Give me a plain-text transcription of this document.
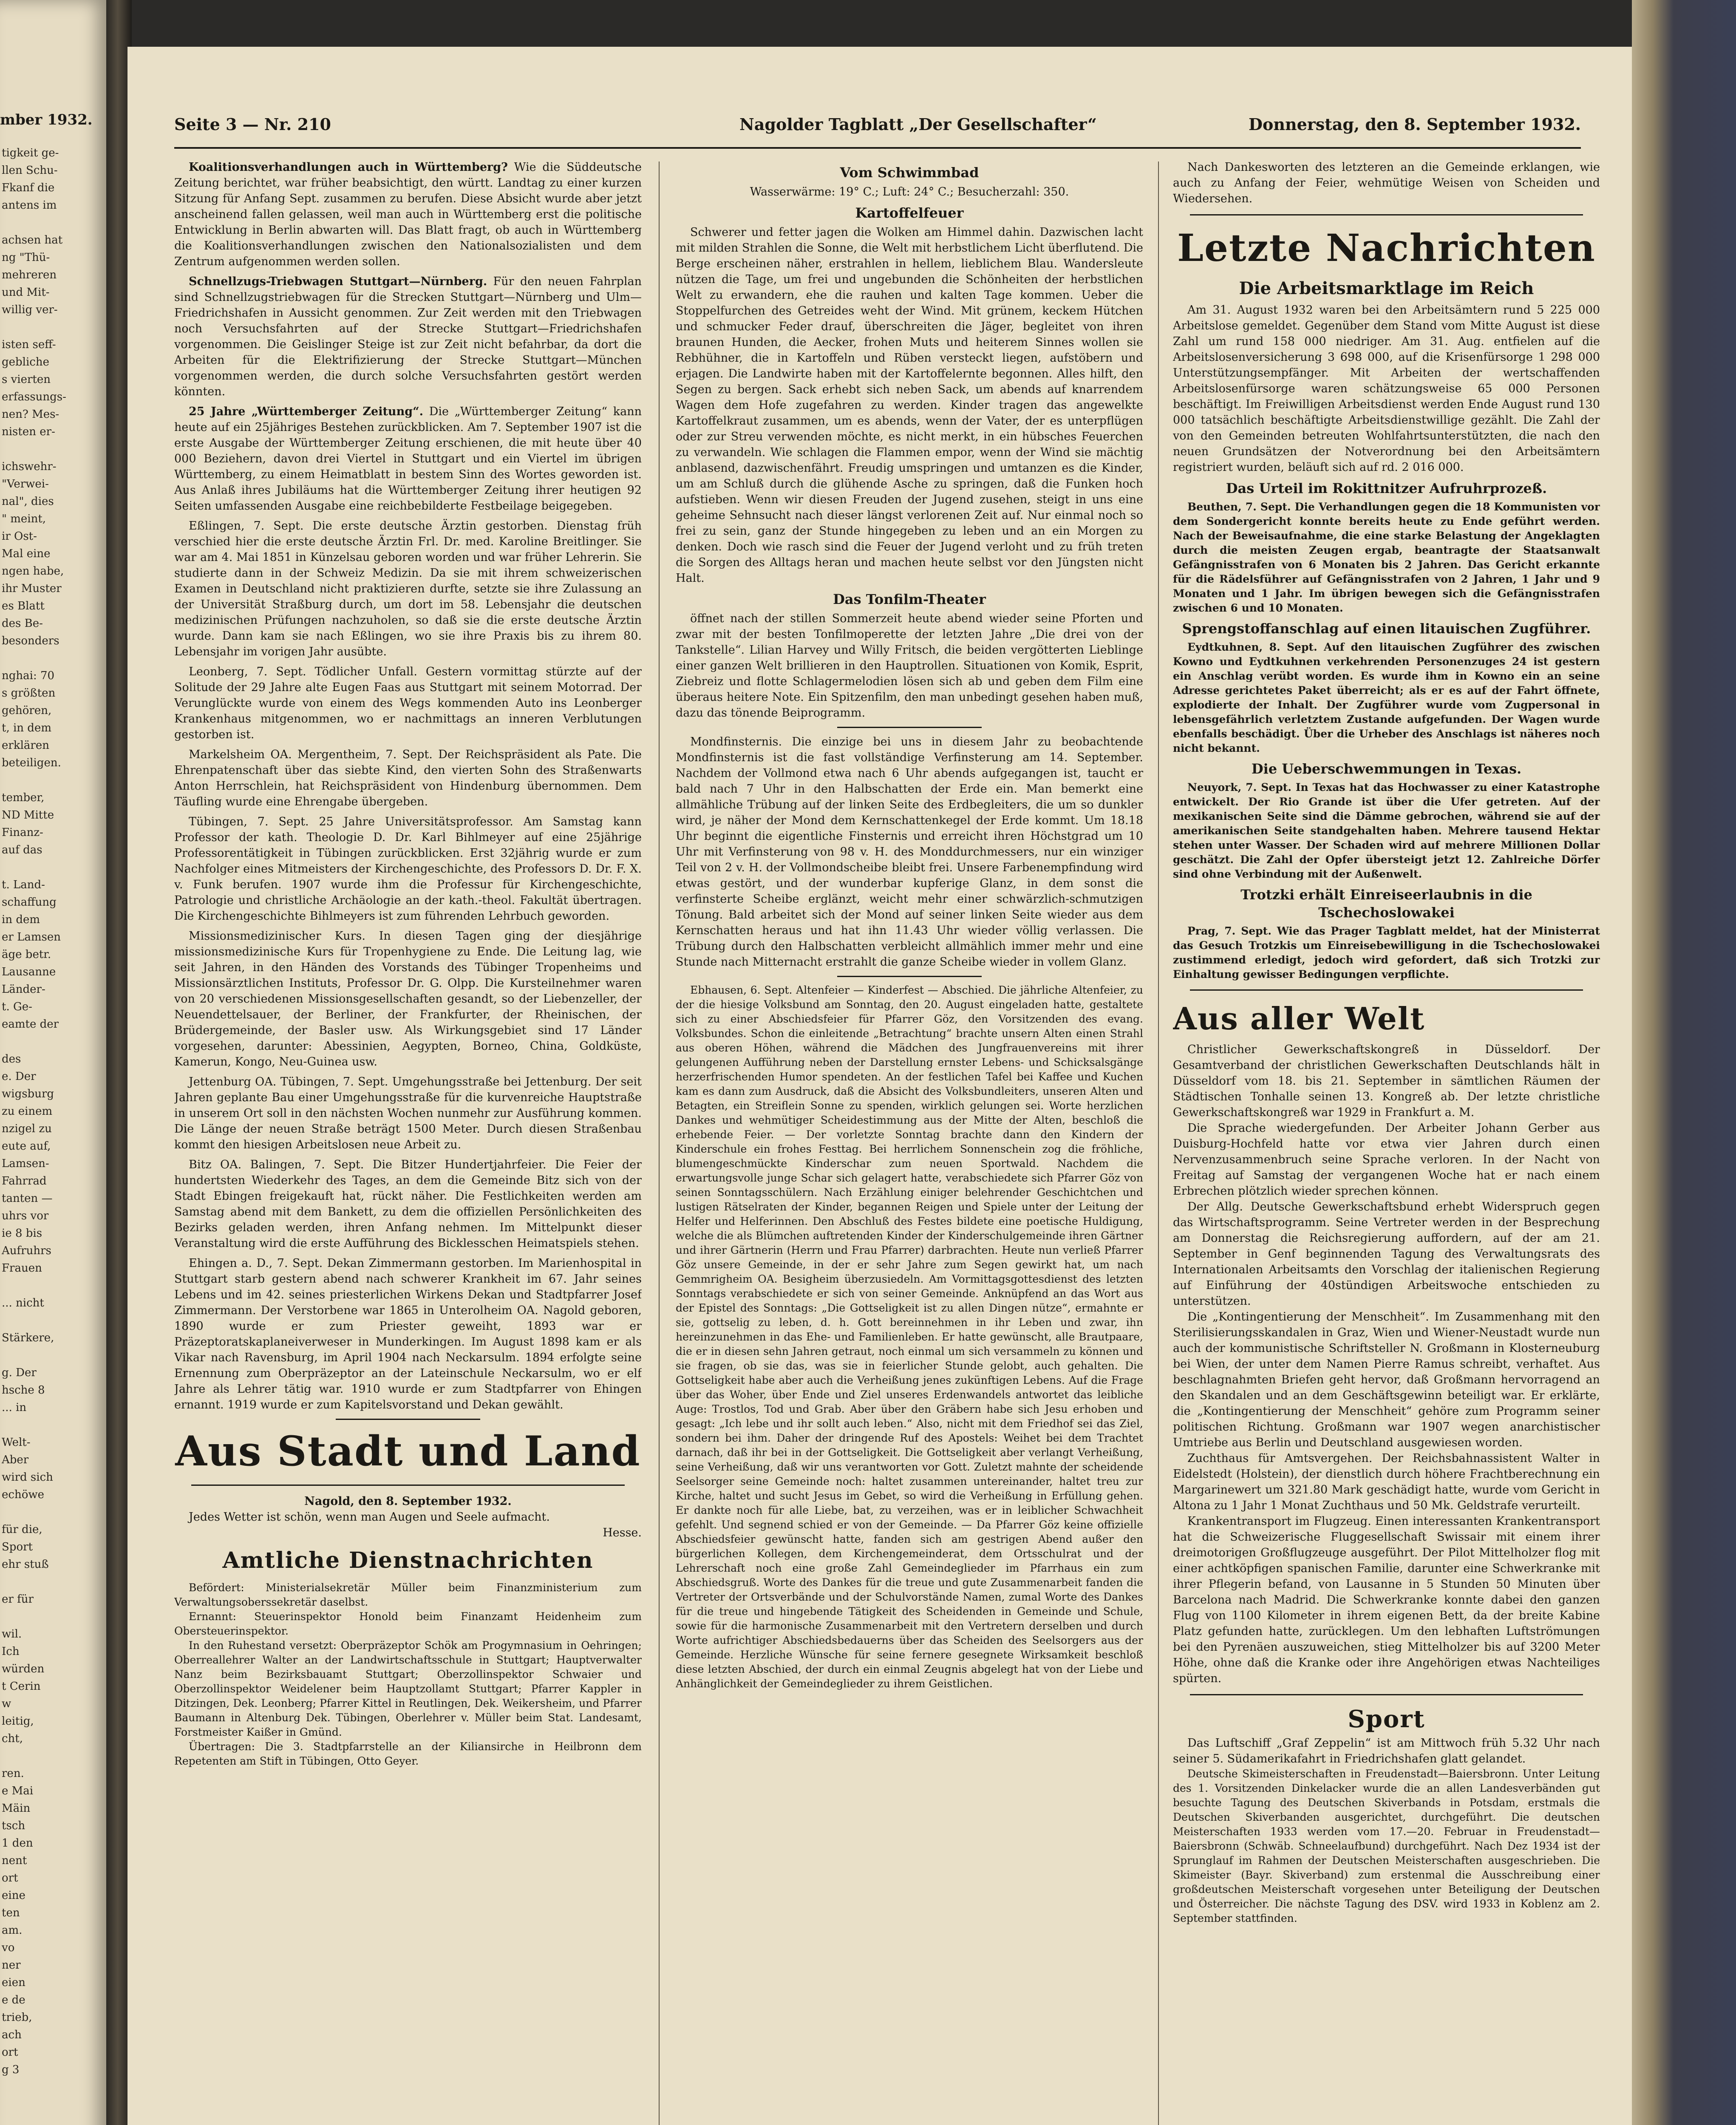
mber 1932.
tigkeit ge-
llen Schu-
Fkanf die
antens im
achsen hat
ng "Thü-
mehreren
und Mit-
willig ver-
isten seff-
gebliche
s vierten
erfassungs-
nen? Mes-
nisten er-
ichswehr-
"Verwei-
nal", dies
" meint,
ir Ost-
Mal eine
ngen habe,
ihr Muster
es Blatt
des Be-
besonders
nghai: 70
s größten
gehören,
t, in dem
erklären
beteiligen.
tember,
ND Mitte
Finanz-
auf das
t. Land-
schaffung
in dem
er Lamsen
äge betr.
Lausanne
Länder-
t. Ge-
eamte der
des
e. Der
wigsburg
zu einem
nzigel zu
eute auf,
Lamsen-
Fahrrad
tanten —
uhrs vor
ie 8 bis
Aufruhrs
Frauen
... nicht
Stärkere,
g. Der
hsche 8
... in
Welt-
Aber
wird sich
echöwe
für die,
Sport
ehr stuß
er für
wil.
Ich
würden
t Cerin
w
leitig,
cht,
ren.
e Mai
Mäin
tsch
1 den
nent
ort
eine
ten
am.
vo
ner
eien
e de
trieb,
ach
ort
g 3
Seite 3 — Nr. 210	Nagolder Tagblatt „Der Gesellschafter“	Donnerstag, den 8. September 1932.

Koalitionsverhandlungen auch in Württemberg? Wie die Süddeutsche Zeitung berichtet, war früher beabsichtigt, den württ. Landtag zu einer kurzen Sitzung für Anfang Sept. zusammen zu berufen. Diese Absicht wurde aber jetzt anscheinend fallen gelassen, weil man auch in Württemberg erst die politische Entwicklung in Berlin abwarten will. Das Blatt fragt, ob auch in Württemberg die Koalitionsverhandlungen zwischen den Nationalsozialisten und dem Zentrum aufgenommen werden sollen.

Schnellzugs-Triebwagen Stuttgart—Nürnberg. Für den neuen Fahrplan sind Schnellzugstriebwagen für die Strecken Stuttgart—Nürnberg und Ulm—Friedrichshafen in Aussicht genommen. Zur Zeit werden mit den Triebwagen noch Versuchsfahrten auf der Strecke Stuttgart—Friedrichshafen vorgenommen. Die Geislinger Steige ist zur Zeit nicht befahrbar, da dort die Arbeiten für die Elektrifizierung der Strecke Stuttgart—München vorgenommen werden, die durch solche Versuchsfahrten gestört werden könnten.

25 Jahre „Württemberger Zeitung“. Die „Württemberger Zeitung“ kann heute auf ein 25jähriges Bestehen zurückblicken. Am 7. September 1907 ist die erste Ausgabe der Württemberger Zeitung erschienen, die mit heute über 40 000 Beziehern, davon drei Viertel in Stuttgart und ein Viertel im übrigen Württemberg, zu einem Heimatblatt in bestem Sinn des Wortes geworden ist. Aus Anlaß ihres Jubiläums hat die Württemberger Zeitung ihrer heutigen 92 Seiten umfassenden Ausgabe eine reichbebilderte Festbeilage beigegeben.

Eßlingen, 7. Sept. Die erste deutsche Ärztin gestorben. Dienstag früh verschied hier die erste deutsche Ärztin Frl. Dr. med. Karoline Breitlinger. Sie war am 4. Mai 1851 in Künzelsau geboren worden und war früher Lehrerin. Sie studierte dann in der Schweiz Medizin. Da sie mit ihrem schweizerischen Examen in Deutschland nicht praktizieren durfte, setzte sie ihre Zulassung an der Universität Straßburg durch, um dort im 58. Lebensjahr die deutschen medizinischen Prüfungen nachzuholen, so daß sie die erste deutsche Ärztin wurde. Dann kam sie nach Eßlingen, wo sie ihre Praxis bis zu ihrem 80. Lebensjahr im vorigen Jahr ausübte.

Leonberg, 7. Sept. Tödlicher Unfall. Gestern vormittag stürzte auf der Solitude der 29 Jahre alte Eugen Faas aus Stuttgart mit seinem Motorrad. Der Verunglückte wurde von einem des Wegs kommenden Auto ins Leonberger Krankenhaus mitgenommen, wo er nachmittags an inneren Verblutungen gestorben ist.

Markelsheim OA. Mergentheim, 7. Sept. Der Reichspräsident als Pate. Die Ehrenpatenschaft über das siebte Kind, den vierten Sohn des Straßenwarts Anton Herrschlein, hat Reichspräsident von Hindenburg übernommen. Dem Täufling wurde eine Ehrengabe übergeben.

Tübingen, 7. Sept. 25 Jahre Universitätsprofessor. Am Samstag kann Professor der kath. Theologie D. Dr. Karl Bihlmeyer auf eine 25jährige Professorentätigkeit in Tübingen zurückblicken. Erst 32jährig wurde er zum Nachfolger eines Mitmeisters der Kirchengeschichte, des Professors D. Dr. F. X. v. Funk berufen. 1907 wurde ihm die Professur für Kirchengeschichte, Patrologie und christliche Archäologie an der kath.-theol. Fakultät übertragen. Die Kirchengeschichte Bihlmeyers ist zum führenden Lehrbuch geworden.

Missionsmedizinischer Kurs. In diesen Tagen ging der diesjährige missionsmedizinische Kurs für Tropenhygiene zu Ende. Die Leitung lag, wie seit Jahren, in den Händen des Vorstands des Tübinger Tropenheims und Missionsärztlichen Instituts, Professor Dr. G. Olpp. Die Kursteilnehmer waren von 20 verschiedenen Missionsgesellschaften gesandt, so der Liebenzeller, der Neuendettelsauer, der Berliner, der Frankfurter, der Rheinischen, der Brüdergemeinde, der Basler usw. Als Wirkungsgebiet sind 17 Länder vorgesehen, darunter: Abessinien, Aegypten, Borneo, China, Goldküste, Kamerun, Kongo, Neu-Guinea usw.

Jettenburg OA. Tübingen, 7. Sept. Umgehungsstraße bei Jettenburg. Der seit Jahren geplante Bau einer Umgehungsstraße für die kurvenreiche Hauptstraße in unserem Ort soll in den nächsten Wochen nunmehr zur Ausführung kommen. Die Länge der neuen Straße beträgt 1500 Meter. Durch diesen Straßenbau kommt den hiesigen Arbeitslosen neue Arbeit zu.

Bitz OA. Balingen, 7. Sept. Die Bitzer Hundertjahrfeier. Die Feier der hundertsten Wiederkehr des Tages, an dem die Gemeinde Bitz sich von der Stadt Ebingen freigekauft hat, rückt näher. Die Festlichkeiten werden am Samstag abend mit dem Bankett, zu dem die offiziellen Persönlichkeiten des Bezirks geladen werden, ihren Anfang nehmen. Im Mittelpunkt dieser Veranstaltung wird die erste Aufführung des Bicklesschen Heimatspiels stehen.

Ehingen a. D., 7. Sept. Dekan Zimmermann gestorben. Im Marienhospital in Stuttgart starb gestern abend nach schwerer Krankheit im 67. Jahr seines Lebens und im 42. seines priesterlichen Wirkens Dekan und Stadtpfarrer Josef Zimmermann. Der Verstorbene war 1865 in Unterolheim OA. Nagold geboren, 1890 wurde er zum Priester geweiht, 1893 war er Präzeptoratskaplaneiverweser in Munderkingen. Im August 1898 kam er als Vikar nach Ravensburg, im April 1904 nach Neckarsulm. 1894 erfolgte seine Ernennung zum Oberpräzeptor an der Lateinschule Neckarsulm, wo er elf Jahre als Lehrer tätig war. 1910 wurde er zum Stadtpfarrer von Ehingen ernannt. 1919 wurde er zum Kapitelsvorstand und Dekan gewählt.

Aus Stadt und Land

Nagold, den 8. September 1932.

Jedes Wetter ist schön, wenn man Augen und Seele aufmacht.

Hesse.
Amtliche Dienstnachrichten

Befördert: Ministerialsekretär Müller beim Finanzministerium zum Verwaltungsoberssekretär daselbst.

Ernannt: Steuerinspektor Honold beim Finanzamt Heidenheim zum Obersteuerinspektor.

In den Ruhestand versetzt: Oberpräzeptor Schök am Progymnasium in Oehringen; Oberreallehrer Walter an der Landwirtschaftsschule in Stuttgart; Hauptverwalter Nanz beim Bezirksbauamt Stuttgart; Oberzollinspektor Schwaier und Oberzollinspektor Weidelener beim Hauptzollamt Stuttgart; Pfarrer Kappler in Ditzingen, Dek. Leonberg; Pfarrer Kittel in Reutlingen, Dek. Weikersheim, und Pfarrer Baumann in Altenburg Dek. Tübingen, Oberlehrer v. Müller beim Stat. Landesamt, Forstmeister Kaißer in Gmünd.

Übertragen: Die 3. Stadtpfarrstelle an der Kiliansirche in Heilbronn dem Repetenten am Stift in Tübingen, Otto Geyer.

Vom Schwimmbad

Wasserwärme: 19° C.; Luft: 24° C.; Besucherzahl: 350.

Kartoffelfeuer

Schwerer und fetter jagen die Wolken am Himmel dahin. Dazwischen lacht mit milden Strahlen die Sonne, die Welt mit herbstlichem Licht überflutend. Die Berge erscheinen näher, erstrahlen in hellem, lieblichem Blau. Wandersleute nützen die Tage, um frei und ungebunden die Schönheiten der herbstlichen Welt zu erwandern, ehe die rauhen und kalten Tage kommen. Ueber die Stoppelfurchen des Getreides weht der Wind. Mit grünem, keckem Hütchen und schmucker Feder drauf, überschreiten die Jäger, begleitet von ihren braunen Hunden, die Aecker, frohen Muts und heiterem Sinnes wollen sie Rebhühner, die in Kartoffeln und Rüben versteckt liegen, aufstöbern und erjagen. Die Landwirte haben mit der Kartoffelernte begonnen. Alles hilft, den Segen zu bergen. Sack erhebt sich neben Sack, um abends auf knarrendem Wagen dem Hofe zugefahren zu werden. Kinder tragen das angewelkte Kartoffelkraut zusammen, um es abends, wenn der Vater, der es unterpflügen oder zur Streu verwenden möchte, es nicht merkt, in ein hübsches Feuerchen zu verwandeln. Wie schlagen die Flammen empor, wenn der Wind sie mächtig anblasend, dazwischenfährt. Freudig umspringen und umtanzen es die Kinder, um am Schluß durch die glühende Asche zu springen, daß die Funken hoch aufstieben. Wenn wir diesen Freuden der Jugend zusehen, steigt in uns eine geheime Sehnsucht nach dieser längst verlorenen Zeit auf. Nur einmal noch so frei zu sein, ganz der Stunde hingegeben zu leben und an ein Morgen zu denken. Doch wie rasch sind die Feuer der Jugend verloht und zu früh treten die Sorgen des Alltags heran und machen heute selbst vor den Jüngsten nicht Halt.

Das Tonfilm-Theater

öffnet nach der stillen Sommerzeit heute abend wieder seine Pforten und zwar mit der besten Tonfilmoperette der letzten Jahre „Die drei von der Tankstelle“. Lilian Harvey und Willy Fritsch, die beiden vergötterten Lieblinge einer ganzen Welt brillieren in den Hauptrollen. Situationen von Komik, Esprit, Ziebreiz und flotte Schlagermelodien lösen sich ab und geben dem Film eine überaus heitere Note. Ein Spitzenfilm, den man unbedingt gesehen haben muß, dazu das tönende Beiprogramm.

Mondfinsternis. Die einzige bei uns in diesem Jahr zu beobachtende Mondfinsternis ist die fast vollständige Verfinsterung am 14. September. Nachdem der Vollmond etwa nach 6 Uhr abends aufgegangen ist, taucht er bald nach 7 Uhr in den Halbschatten der Erde ein. Man bemerkt eine allmähliche Trübung auf der linken Seite des Erdbegleiters, die um so dunkler wird, je näher der Mond dem Kernschattenkegel der Erde kommt. Um 18.18 Uhr beginnt die eigentliche Finsternis und erreicht ihren Höchstgrad um 10 Uhr mit Verfinsterung von 98 v. H. des Monddurchmessers, nur ein winziger Teil von 2 v. H. der Vollmondscheibe bleibt frei. Unsere Farbenempfindung wird etwas gestört, und der wunderbar kupferige Glanz, in dem sonst die verfinsterte Scheibe erglänzt, weicht mehr einer schwärzlich-schmutzigen Tönung. Bald arbeitet sich der Mond auf seiner linken Seite wieder aus dem Kernschatten heraus und hat ihn 11.43 Uhr wieder völlig verlassen. Die Trübung durch den Halbschatten verbleicht allmählich immer mehr und eine Stunde nach Mitternacht erstrahlt die ganze Scheibe wieder in vollem Glanz.

Ebhausen, 6. Sept. Altenfeier — Kinderfest — Abschied. Die jährliche Altenfeier, zu der die hiesige Volksbund am Sonntag, den 20. August eingeladen hatte, gestaltete sich zu einer Abschiedsfeier für Pfarrer Göz, den Vorsitzenden des evang. Volksbundes. Schon die einleitende „Betrachtung“ brachte unsern Alten einen Strahl aus oberen Höhen, während die Mädchen des Jungfrauenvereins mit ihrer gelungenen Aufführung neben der Darstellung ernster Lebens- und Schicksalsgänge herzerfrischenden Humor spendeten. An der festlichen Tafel bei Kaffee und Kuchen kam es dann zum Ausdruck, daß die Absicht des Volksbundleiters, unseren Alten und Betagten, ein Streiflein Sonne zu spenden, wirklich gelungen sei. Worte herzlichen Dankes und wehmütiger Scheidestimmung aus der Mitte der Alten, beschloß die erhebende Feier. — Der vorletzte Sonntag brachte dann den Kindern der Kinderschule ein frohes Festtag. Bei herrlichem Sonnenschein zog die fröhliche, blumengeschmückte Kinderschar zum neuen Sportwald. Nachdem die erwartungsvolle junge Schar sich gelagert hatte, verabschiedete sich Pfarrer Göz von seinen Sonntagsschülern. Nach Erzählung einiger belehrender Geschichtchen und lustigen Rätselraten der Kinder, begannen Reigen und Spiele unter der Leitung der Helfer und Helferinnen. Den Abschluß des Festes bildete eine poetische Huldigung, welche die als Blümchen auftretenden Kinder der Kinderschulgemeinde ihren Gärtner und ihrer Gärtnerin (Herrn und Frau Pfarrer) darbrachten. Heute nun verließ Pfarrer Göz unsere Gemeinde, in der er sehr Jahre zum Segen gewirkt hat, um nach Gemmrigheim OA. Besigheim überzusiedeln. Am Vormittagsgottesdienst des letzten Sonntags verabschiedete er sich von seiner Gemeinde. Anknüpfend an das Wort aus der Epistel des Sonntags: „Die Gottseligkeit ist zu allen Dingen nütze“, ermahnte er sie, gottselig zu leben, d. h. Gott bereinnehmen in ihr Leben und zwar, ihn hereinzunehmen in das Ehe- und Familienleben. Er hatte gewünscht, alle Brautpaare, die er in diesen sehn Jahren getraut, noch einmal um sich versammeln zu können und sie fragen, ob sie das, was sie in feierlicher Stunde gelobt, auch gehalten. Die Gottseligkeit habe aber auch die Verheißung jenes zukünftigen Lebens. Auf die Frage über das Woher, über Ende und Ziel unseres Erdenwandels antwortet das leibliche Auge: Trostlos, Tod und Grab. Aber über den Gräbern habe sich Jesu erhoben und gesagt: „Ich lebe und ihr sollt auch leben.“ Also, nicht mit dem Friedhof sei das Ziel, sondern bei ihm. Daher der dringende Ruf des Apostels: Weihet bei dem Trachtet darnach, daß ihr bei in der Gottseligkeit. Die Gottseligkeit aber verlangt Verheißung, seine Verheißung, daß wir uns verantworten vor Gott. Zuletzt mahnte der scheidende Seelsorger seine Gemeinde noch: haltet zusammen untereinander, haltet treu zur Kirche, haltet und sucht Jesus im Gebet, so wird die Verheißung in Erfüllung gehen. Er dankte noch für alle Liebe, bat, zu verzeihen, was er in leiblicher Schwachheit gefehlt. Und segnend schied er von der Gemeinde. — Da Pfarrer Göz keine offizielle Abschiedsfeier gewünscht hatte, fanden sich am gestrigen Abend außer den bürgerlichen Kollegen, dem Kirchengemeinderat, dem Ortsschulrat und der Lehrerschaft noch eine große Zahl Gemeindeglieder im Pfarrhaus ein zum Abschiedsgruß. Worte des Dankes für die treue und gute Zusammenarbeit fanden die Vertreter der Ortsverbände und der Schulvorstände Namen, zumal Worte des Dankes für die treue und hingebende Tätigkeit des Scheidenden in Gemeinde und Schule, sowie für die harmonische Zusammenarbeit mit den Vertretern derselben und durch Worte aufrichtiger Abschiedsbedauerns über das Scheiden des Seelsorgers aus der Gemeinde. Herzliche Wünsche für seine fernere gesegnete Wirksamkeit beschloß diese letzten Abschied, der durch ein einmal Zeugnis abgelegt hat von der Liebe und Anhänglichkeit der Gemeindeglieder zu ihrem Geistlichen.

Nach Dankesworten des letzteren an die Gemeinde erklangen, wie auch zu Anfang der Feier, wehmütige Weisen von Scheiden und Wiedersehen.

Letzte Nachrichten
Die Arbeitsmarktlage im Reich

Am 31. August 1932 waren bei den Arbeitsämtern rund 5 225 000 Arbeitslose gemeldet. Gegenüber dem Stand vom Mitte August ist diese Zahl um rund 158 000 niedriger. Am 31. Aug. entfielen auf die Arbeitslosenversicherung 3 698 000, auf die Krisenfürsorge 1 298 000 Unterstützungsempfänger. Mit Arbeiten der wertschaffenden Arbeitslosenfürsorge waren schätzungsweise 65 000 Personen beschäftigt. Im Freiwilligen Arbeitsdienst werden Ende August rund 130 000 tatsächlich beschäftigte Arbeitsdienstwillige gezählt. Die Zahl der von den Gemeinden betreuten Wohlfahrtsunterstützten, die nach den neuen Grundsätzen der Notverordnung bei den Arbeitsämtern registriert wurden, beläuft sich auf rd. 2 016 000.

Das Urteil im Rokittnitzer Aufruhrprozeß.

Beuthen, 7. Sept. Die Verhandlungen gegen die 18 Kommunisten vor dem Sondergericht konnte bereits heute zu Ende geführt werden. Nach der Beweisaufnahme, die eine starke Belastung der Angeklagten durch die meisten Zeugen ergab, beantragte der Staatsanwalt Gefängnisstrafen von 6 Monaten bis 2 Jahren. Das Gericht erkannte für die Rädelsführer auf Gefängnisstrafen von 2 Jahren, 1 Jahr und 9 Monaten und 1 Jahr. Im übrigen bewegen sich die Gefängnisstrafen zwischen 6 und 10 Monaten.

Sprengstoffanschlag auf einen litauischen Zugführer.

Eydtkuhnen, 8. Sept. Auf den litauischen Zugführer des zwischen Kowno und Eydtkuhnen verkehrenden Personenzuges 24 ist gestern ein Anschlag verübt worden. Es wurde ihm in Kowno ein an seine Adresse gerichtetes Paket überreicht; als er es auf der Fahrt öffnete, explodierte der Inhalt. Der Zugführer wurde vom Zugpersonal in lebensgefährlich verletztem Zustande aufgefunden. Der Wagen wurde ebenfalls beschädigt. Über die Urheber des Anschlags ist näheres noch nicht bekannt.

Die Ueberschwemmungen in Texas.

Neuyork, 7. Sept. In Texas hat das Hochwasser zu einer Katastrophe entwickelt. Der Rio Grande ist über die Ufer getreten. Auf der mexikanischen Seite sind die Dämme gebrochen, während sie auf der amerikanischen Seite standgehalten haben. Mehrere tausend Hektar stehen unter Wasser. Der Schaden wird auf mehrere Millionen Dollar geschätzt. Die Zahl der Opfer übersteigt jetzt 12. Zahlreiche Dörfer sind ohne Verbindung mit der Außenwelt.

Trotzki erhält Einreiseerlaubnis in die Tschechoslowakei

Prag, 7. Sept. Wie das Prager Tagblatt meldet, hat der Ministerrat das Gesuch Trotzkis um Einreisebewilligung in die Tschechoslowakei zustimmend erledigt, jedoch wird gefordert, daß sich Trotzki zur Einhaltung gewisser Bedingungen verpflichte.

Aus aller Welt

Christlicher Gewerkschaftskongreß in Düsseldorf. Der Gesamtverband der christlichen Gewerkschaften Deutschlands hält in Düsseldorf vom 18. bis 21. September in sämtlichen Räumen der Städtischen Tonhalle seinen 13. Kongreß ab. Der letzte christliche Gewerkschaftskongreß war 1929 in Frankfurt a. M.

Die Sprache wiedergefunden. Der Arbeiter Johann Gerber aus Duisburg-Hochfeld hatte vor etwa vier Jahren durch einen Nervenzusammenbruch seine Sprache verloren. In der Nacht von Freitag auf Samstag der vergangenen Woche hat er nach einem Erbrechen plötzlich wieder sprechen können.

Der Allg. Deutsche Gewerkschaftsbund erhebt Widerspruch gegen das Wirtschaftsprogramm. Seine Vertreter werden in der Besprechung am Donnerstag die Reichsregierung auffordern, auf der am 21. September in Genf beginnenden Tagung des Verwaltungsrats des Internationalen Arbeitsamts den Vorschlag der italienischen Regierung auf Einführung der 40stündigen Arbeitswoche entschieden zu unterstützen.

Die „Kontingentierung der Menschheit“. Im Zusammenhang mit den Sterilisierungsskandalen in Graz, Wien und Wiener-Neustadt wurde nun auch der kommunistische Schriftsteller N. Großmann in Klosterneuburg bei Wien, der unter dem Namen Pierre Ramus schreibt, verhaftet. Aus beschlagnahmten Briefen geht hervor, daß Großmann hervorragend an den Skandalen und an dem Geschäftsgewinn beteiligt war. Er erklärte, die „Kontingentierung der Menschheit“ gehöre zum Programm seiner politischen Richtung. Großmann war 1907 wegen anarchistischer Umtriebe aus Berlin und Deutschland ausgewiesen worden.

Zuchthaus für Amtsvergehen. Der Reichsbahnassistent Walter in Eidelstedt (Holstein), der dienstlich durch höhere Frachtberechnung ein Margarinewert um 321.80 Mark geschädigt hatte, wurde vom Gericht in Altona zu 1 Jahr 1 Monat Zuchthaus und 50 Mk. Geldstrafe verurteilt.

Krankentransport im Flugzeug. Einen interessanten Krankentransport hat die Schweizerische Fluggesellschaft Swissair mit einem ihrer dreimotorigen Großflugzeuge ausgeführt. Der Pilot Mittelholzer flog mit einer achtköpfigen spanischen Familie, darunter eine Schwerkranke mit ihrer Pflegerin befand, von Lausanne in 5 Stunden 50 Minuten über Barcelona nach Madrid. Die Schwerkranke konnte dabei den ganzen Flug von 1100 Kilometer in ihrem eigenen Bett, da der breite Kabine Platz gefunden hatte, zurücklegen. Um den lebhaften Luftströmungen bei den Pyrenäen auszuweichen, stieg Mittelholzer bis auf 3200 Meter Höhe, ohne daß die Kranke oder ihre Angehörigen etwas Nachteiliges spürten.

Sport

Das Luftschiff „Graf Zeppelin“ ist am Mittwoch früh 5.32 Uhr nach seiner 5. Südamerikafahrt in Friedrichshafen glatt gelandet.

Deutsche Skimeisterschaften in Freudenstadt—Baiersbronn. Unter Leitung des 1. Vorsitzenden Dinkelacker wurde die an allen Landesverbänden gut besuchte Tagung des Deutschen Skiverbands in Potsdam, erstmals die Deutschen Skiverbanden ausgerichtet, durchgeführt. Die deutschen Meisterschaften 1933 werden vom 17.—20. Februar in Freudenstadt—Baiersbronn (Schwäb. Schneelaufbund) durchgeführt. Nach Dez 1934 ist der Sprunglauf im Rahmen der Deutschen Meisterschaften ausgeschrieben. Die Skimeister (Bayr. Skiverband) zum erstenmal die Ausschreibung einer großdeutschen Meisterschaft vorgesehen unter Beteiligung der Deutschen und Österreicher. Die nächste Tagung des DSV. wird 1933 in Koblenz am 2. September stattfinden.
